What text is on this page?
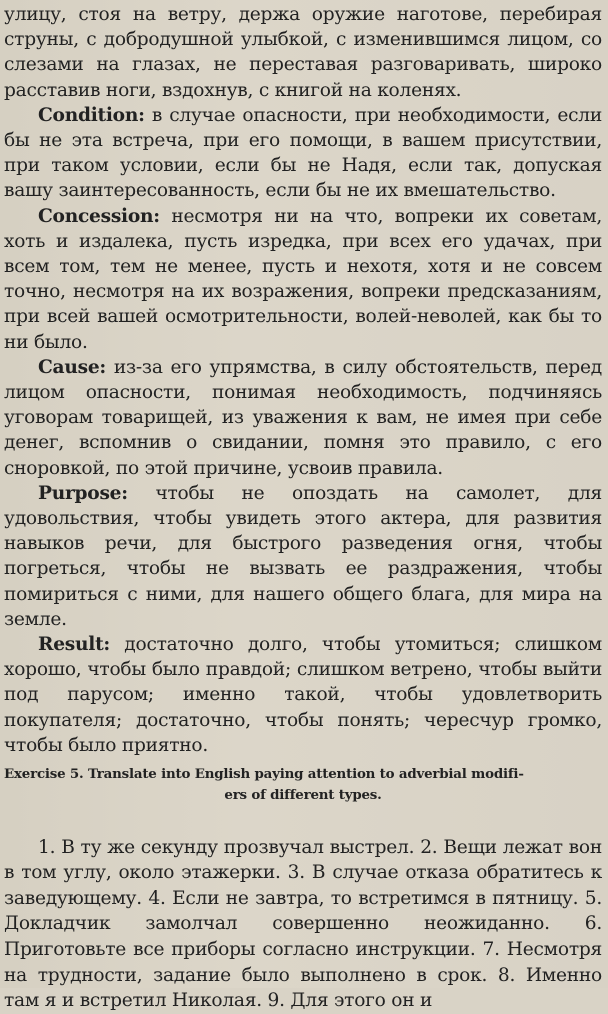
улицу, стоя на ветру, держа оружие наготове, перебирая струны, с добродушной улыбкой, с изменившимся лицом, со слезами на глазах, не переставая разговаривать, широко расставив ноги, вздохнув, с книгой на коленях.

Condition: в случае опасности, при необходимости, если бы не эта встреча, при его помощи, в вашем присутствии, при таком условии, если бы не Надя, если так, допуская вашу заинтересованность, если бы не их вмешательство.

Concession: несмотря ни на что, вопреки их советам, хоть и издалека, пусть изредка, при всех его удачах, при всем том, тем не менее, пусть и нехотя, хотя и не совсем точно, несмотря на их возражения, вопреки предсказаниям, при всей вашей осмотрительности, волей-неволей, как бы то ни было.

Cause: из-за его упрямства, в силу обстоятельств, перед лицом опасности, понимая необходимость, подчиняясь уговорам товарищей, из уважения к вам, не имея при себе денег, вспомнив о свидании, помня это правило, с его сноровкой, по этой причине, усвоив правила.

Purpose: чтобы не опоздать на самолет, для удовольствия, чтобы увидеть этого актера, для развития навыков речи, для быстрого разведения огня, чтобы погреться, чтобы не вызвать ее раздражения, чтобы помириться с ними, для нашего общего блага, для мира на земле.

Result: достаточно долго, чтобы утомиться; слишком хорошо, чтобы было правдой; слишком ветрено, чтобы выйти под парусом; именно такой, чтобы удовлетворить покупателя; достаточно, чтобы понять; чересчур громко, чтобы было приятно.

Exercise 5. Translate into English paying attention to adverbial modifi-
ers of different types.

1. В ту же секунду прозвучал выстрел. 2. Вещи лежат вон в том углу, около этажерки. 3. В случае отказа обратитесь к заведующему. 4. Если не завтра, то встретимся в пятницу. 5. Докладчик замолчал совершенно неожиданно. 6. Приготовьте все приборы согласно инструкции. 7. Несмотря на трудности, задание было выполнено в срок. 8. Именно там я и встретил Николая. 9. Для этого он и
